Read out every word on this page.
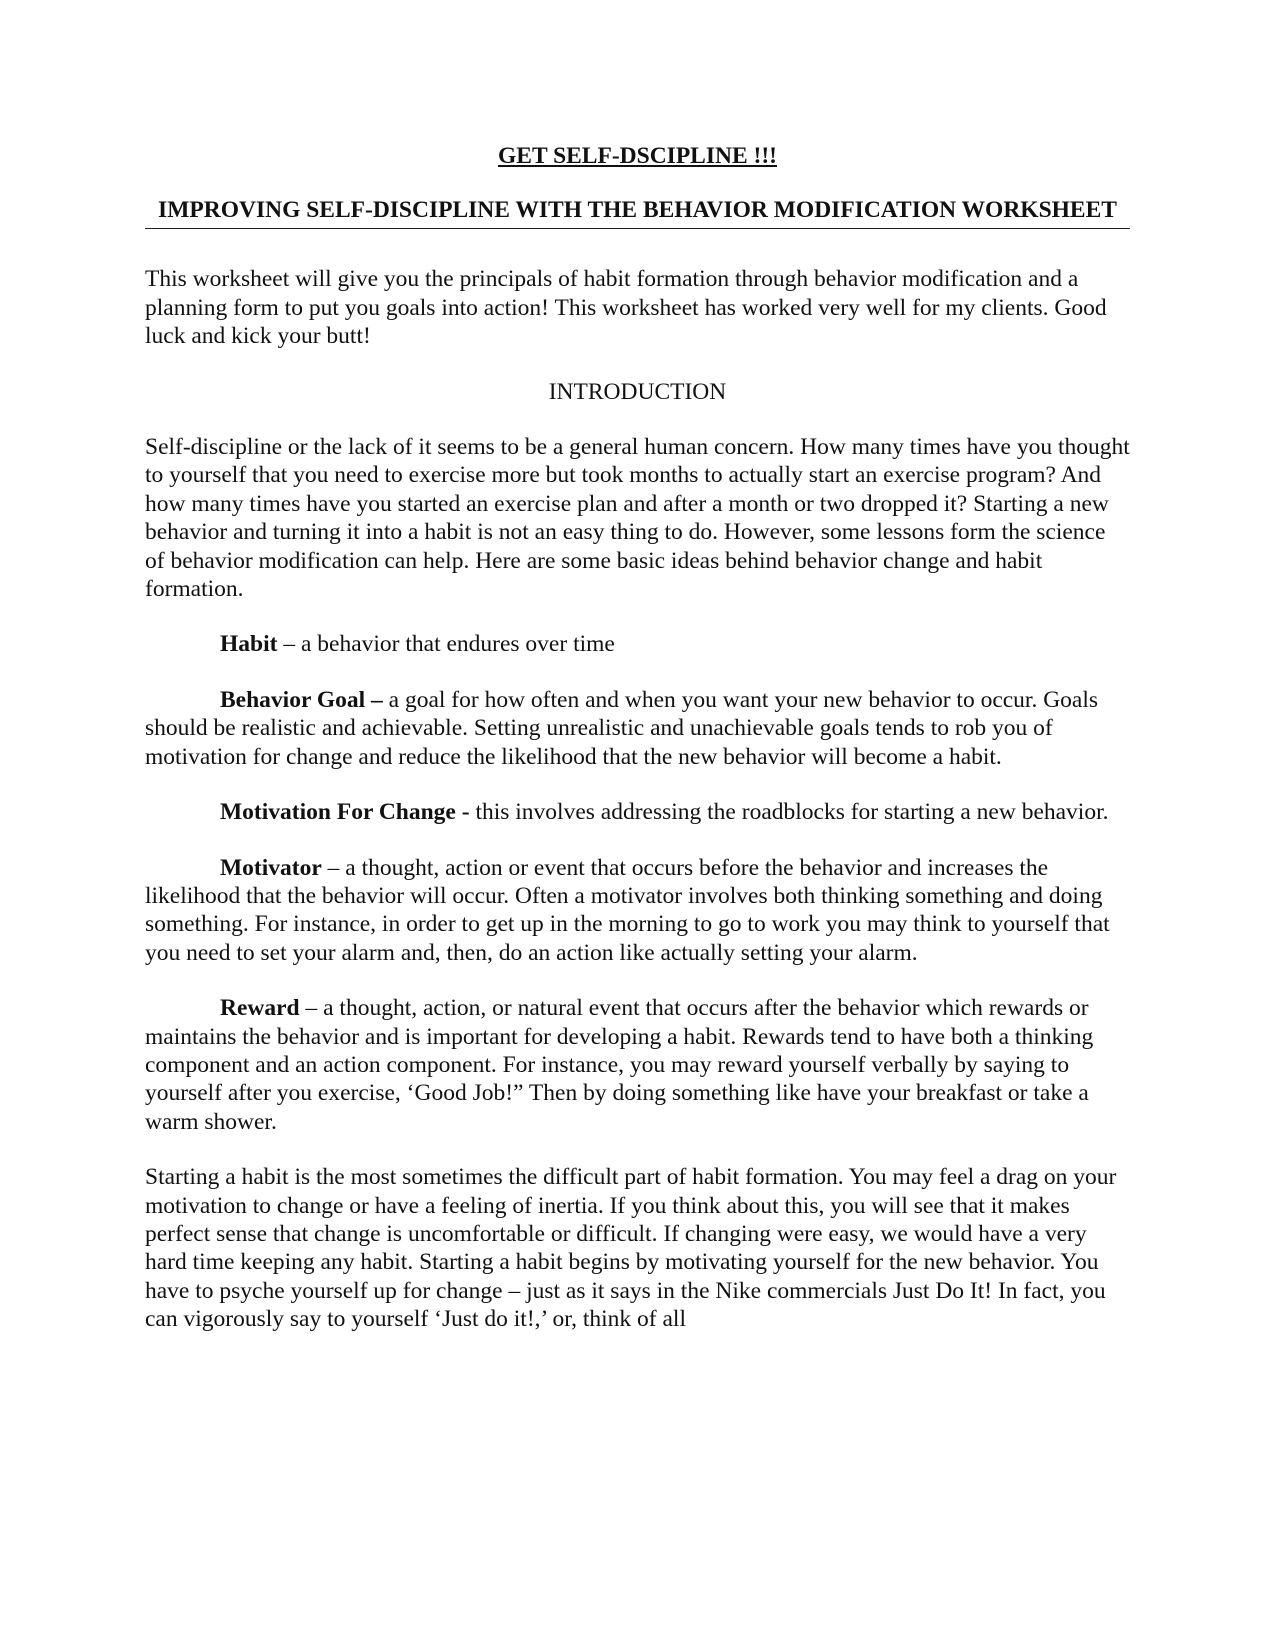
GET SELF-DSCIPLINE !!!

IMPROVING SELF-DISCIPLINE WITH THE BEHAVIOR MODIFICATION WORKSHEET

This worksheet will give you the principals of habit formation through behavior modification and a planning form to put you goals into action! This worksheet has worked very well for my clients. Good luck and kick your butt!

INTRODUCTION

Self-discipline or the lack of it seems to be a general human concern. How many times have you thought to yourself that you need to exercise more but took months to actually start an exercise program? And how many times have you started an exercise plan and after a month or two dropped it? Starting a new behavior and turning it into a habit is not an easy thing to do. However, some lessons form the science of behavior modification can help. Here are some basic ideas behind behavior change and habit formation.

Habit – a behavior that endures over time

Behavior Goal – a goal for how often and when you want your new behavior to occur. Goals should be realistic and achievable. Setting unrealistic and unachievable goals tends to rob you of motivation for change and reduce the likelihood that the new behavior will become a habit.

Motivation For Change - this involves addressing the roadblocks for starting a new behavior.

Motivator – a thought, action or event that occurs before the behavior and increases the likelihood that the behavior will occur. Often a motivator involves both thinking something and doing something. For instance, in order to get up in the morning to go to work you may think to yourself that you need to set your alarm and, then, do an action like actually setting your alarm.

Reward – a thought, action, or natural event that occurs after the behavior which rewards or maintains the behavior and is important for developing a habit. Rewards tend to have both a thinking component and an action component. For instance, you may reward yourself verbally by saying to yourself after you exercise, ‘Good Job!” Then by doing something like have your breakfast or take a warm shower.

Starting a habit is the most sometimes the difficult part of habit formation. You may feel a drag on your motivation to change or have a feeling of inertia. If you think about this, you will see that it makes perfect sense that change is uncomfortable or difficult. If changing were easy, we would have a very hard time keeping any habit. Starting a habit begins by motivating yourself for the new behavior. You have to psyche yourself up for change – just as it says in the Nike commercials Just Do It! In fact, you can vigorously say to yourself ‘Just do it!,’ or, think of all
